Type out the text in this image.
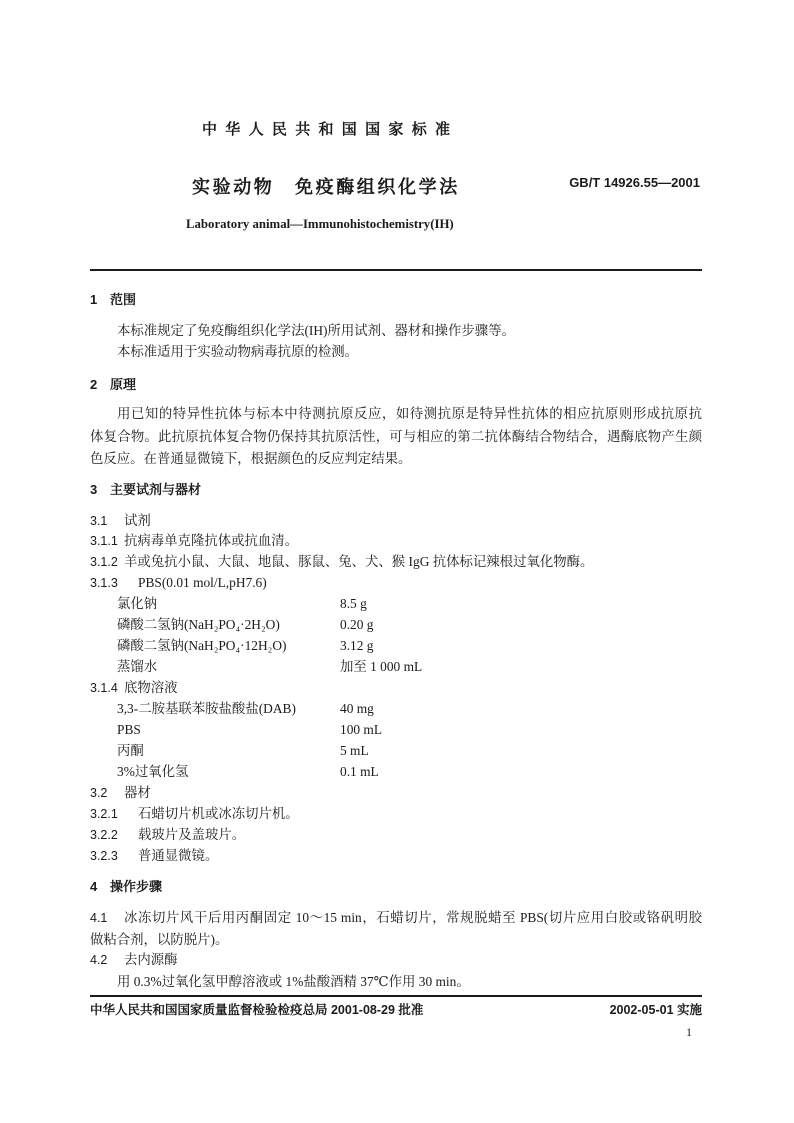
中华人民共和国国家标准
实验动物　免疫酶组织化学法	GB/T 14926.55—2001
Laboratory animal—Immunohistochemistry(IH)
1 范围
本标准规定了免疫酶组织化学法(IH)所用试剂、器材和操作步骤等。
本标准适用于实验动物病毒抗原的检测。
2 原理
用已知的特异性抗体与标本中待测抗原反应，如待测抗原是特异性抗体的相应抗原则形成抗原抗
体复合物。此抗原抗体复合物仍保持其抗原活性，可与相应的第二抗体酶结合物结合，遇酶底物产生颜
色反应。在普通显微镜下，根据颜色的反应判定结果。
3 主要试剂与器材
3.1 试剂
3.1.1 抗病毒单克隆抗体或抗血清。
3.1.2 羊或兔抗小鼠、大鼠、地鼠、豚鼠、兔、犬、猴 IgG 抗体标记辣根过氧化物酶。
3.1.3 PBS(0.01 mol/L,pH7.6)
氯化钠	8.5 g
磷酸二氢钠(NaH₂PO₄·2H₂O)	0.20 g
磷酸二氢钠(NaH₂PO₄·12H₂O)	3.12 g
蒸馏水	加至 1 000 mL
3.1.4 底物溶液
3,3-二胺基联苯胺盐酸盐(DAB)	40 mg
PBS	100 mL
丙酮	5 mL
3%过氧化氢	0.1 mL
3.2 器材
3.2.1 石蜡切片机或冰冻切片机。
3.2.2 载玻片及盖玻片。
3.2.3 普通显微镜。
4 操作步骤
4.1 冰冻切片风干后用丙酮固定 10～15 min，石蜡切片，常规脱蜡至 PBS(切片应用白胶或铬矾明胶
做粘合剂，以防脱片)。
4.2 去内源酶
用 0.3%过氧化氢甲醇溶液或 1%盐酸酒精 37℃作用 30 min。
中华人民共和国国家质量监督检验检疫总局 2001-08-29 批准	2002-05-01 实施
1
